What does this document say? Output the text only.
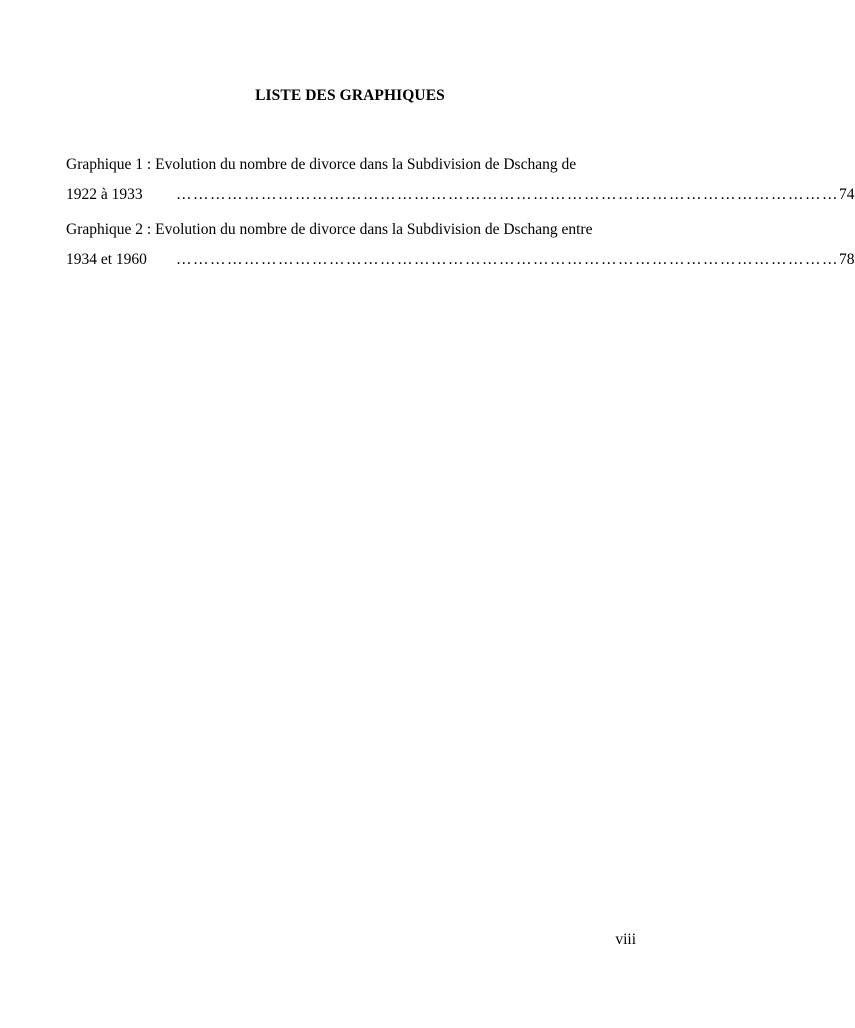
LISTE DES GRAPHIQUES
Graphique 1 : Evolution du nombre de divorce dans la Subdivision de Dschang de
1922 à 1933	……………………………………………………………………………………………………… 74
Graphique 2 : Evolution du nombre de divorce dans la Subdivision de Dschang entre
1934 et 1960	……………………………………………………………………………………………………… 78
viii
